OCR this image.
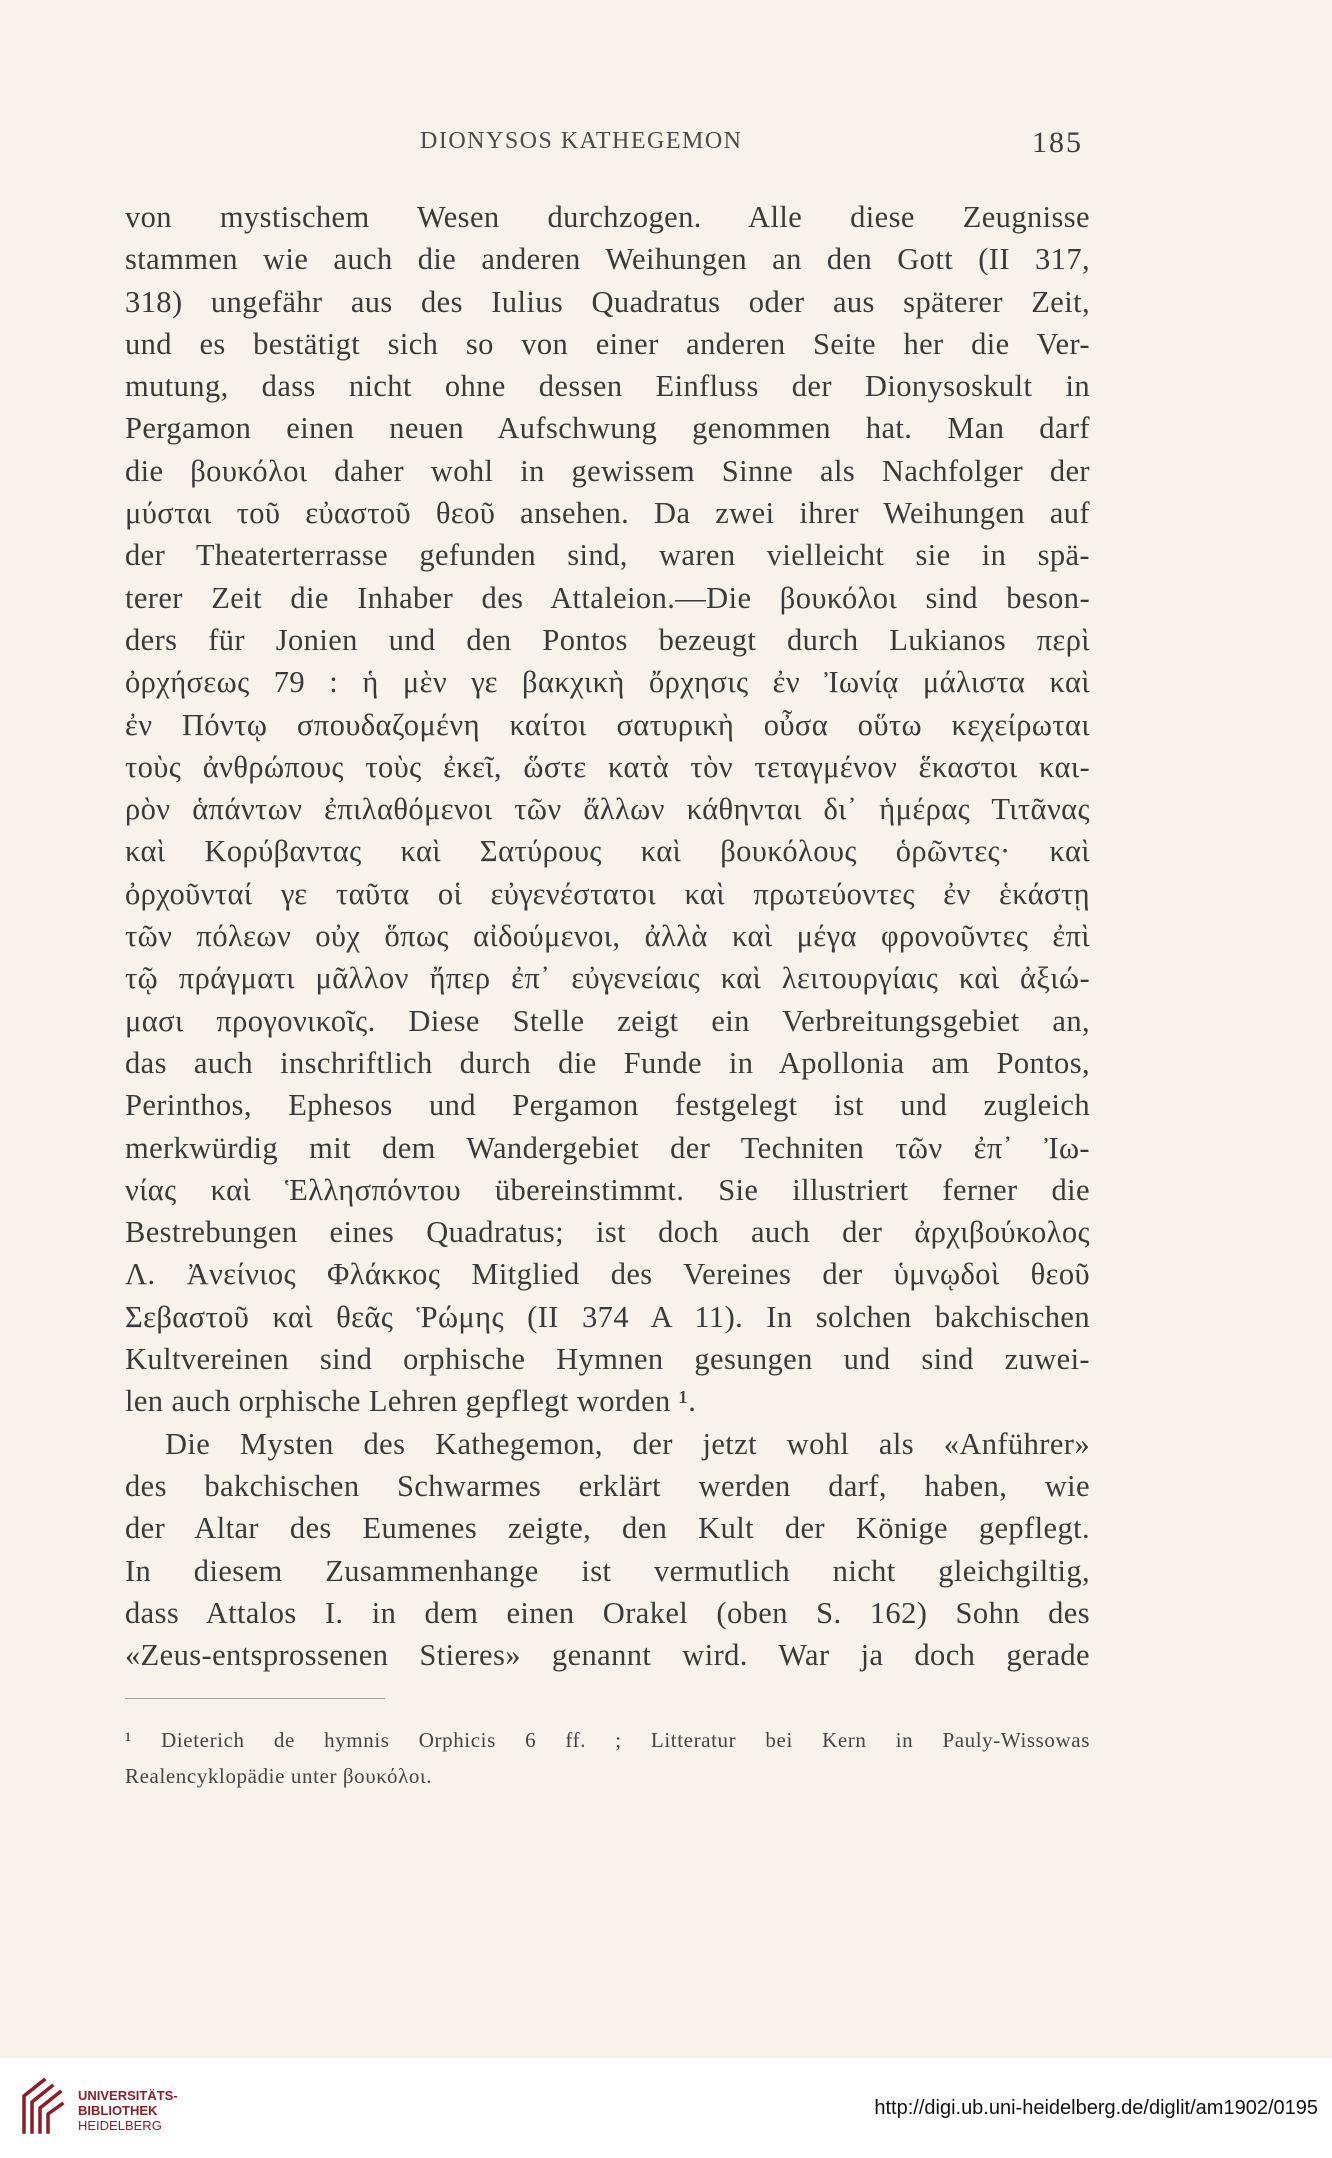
DIONYSOS KATHEGEMON	185
von mystischem Wesen durchzogen. Alle diese Zeugnisse
stammen wie auch die anderen Weihungen an den Gott (II 317,
318) ungefähr aus des Iulius Quadratus oder aus späterer Zeit,
und es bestätigt sich so von einer anderen Seite her die Ver-
mutung, dass nicht ohne dessen Einfluss der Dionysoskult in
Pergamon einen neuen Aufschwung genommen hat. Man darf
die βουκόλοι daher wohl in gewissem Sinne als Nachfolger der
μύσται τοῦ εὐαστοῦ θεοῦ ansehen. Da zwei ihrer Weihungen auf
der Theaterterrasse gefunden sind, waren vielleicht sie in spä-
terer Zeit die Inhaber des Attaleion.—Die βουκόλοι sind beson-
ders für Jonien und den Pontos bezeugt durch Lukianos περὶ
ὀρχήσεως 79 : ἡ μὲν γε βακχικὴ ὄρχησις ἐν Ἰωνίᾳ μάλιστα καὶ
ἐν Πόντῳ σπουδαζομένη καίτοι σατυρικὴ οὖσα οὕτω κεχείρωται
τοὺς ἀνθρώπους τοὺς ἐκεῖ, ὥστε κατὰ τὸν τεταγμένον ἕκαστοι και-
ρὸν ἁπάντων ἐπιλαθόμενοι τῶν ἄλλων κάθηνται δι᾽ ἡμέρας Τιτᾶνας
καὶ Κορύβαντας καὶ Σατύρους καὶ βουκόλους ὁρῶντες· καὶ
ὀρχοῦνταί γε ταῦτα οἱ εὐγενέστατοι καὶ πρωτεύοντες ἐν ἑκάστῃ
τῶν πόλεων οὐχ ὅπως αἰδούμενοι, ἀλλὰ καὶ μέγα φρονοῦντες ἐπὶ
τῷ πράγματι μᾶλλον ἤπερ ἐπ᾽ εὐγενείαις καὶ λειτουργίαις καὶ ἀξιώ-
μασι προγονικοῖς. Diese Stelle zeigt ein Verbreitungsgebiet an,
das auch inschriftlich durch die Funde in Apollonia am Pontos,
Perinthos, Ephesos und Pergamon festgelegt ist und zugleich
merkwürdig mit dem Wandergebiet der Techniten τῶν ἐπ᾽ Ἰω-
νίας καὶ Ἑλλησπόντου übereinstimmt. Sie illustriert ferner die
Bestrebungen eines Quadratus; ist doch auch der ἀρχιβούκολος
Λ. Ἀνείνιος Φλάκκος Mitglied des Vereines der ὑμνῳδοὶ θεοῦ
Σεβαστοῦ καὶ θεᾶς Ῥώμης (II 374 A 11). In solchen bakchischen
Kultvereinen sind orphische Hymnen gesungen und sind zuwei-
len auch orphische Lehren gepflegt worden ¹.
Die Mysten des Kathegemon, der jetzt wohl als «Anführer»
des bakchischen Schwarmes erklärt werden darf, haben, wie
der Altar des Eumenes zeigte, den Kult der Könige gepflegt.
In diesem Zusammenhange ist vermutlich nicht gleichgiltig,
dass Attalos I. in dem einen Orakel (oben S. 162) Sohn des
«Zeus-entsprossenen Stieres» genannt wird. War ja doch gerade
¹ Dieterich de hymnis Orphicis 6 ff. ; Litteratur bei Kern in Pauly-Wissowas
Realencyklopädie unter βουκόλοι.
UNIVERSITÄTS-
BIBLIOTHEK
HEIDELBERG
http://digi.ub.uni-heidelberg.de/diglit/am1902/0195
